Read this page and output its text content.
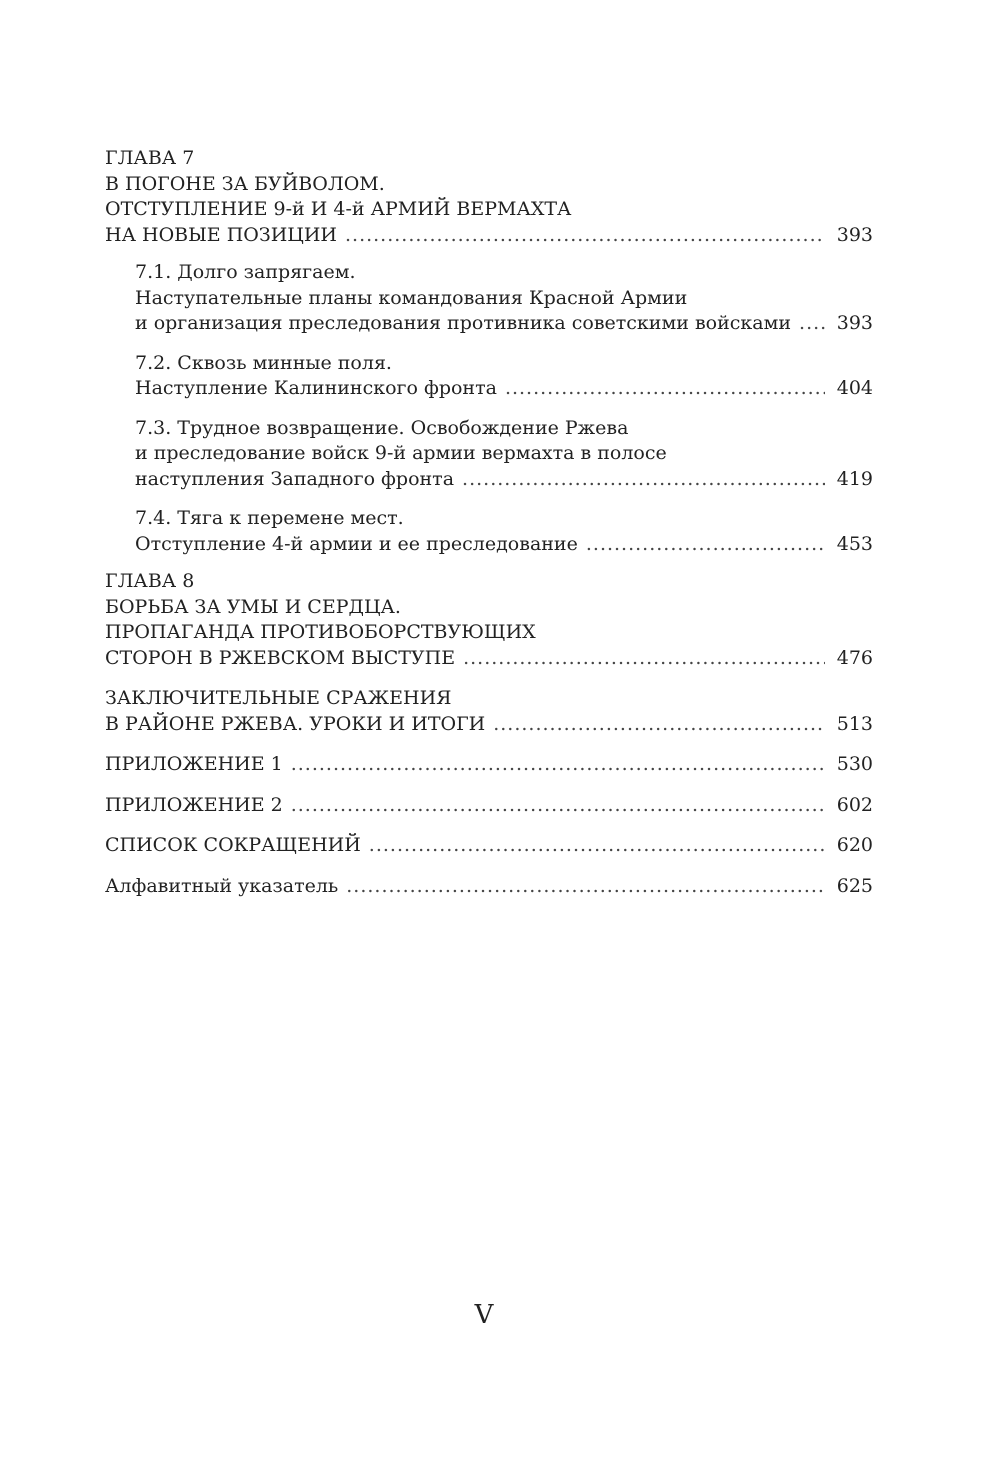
ГЛАВА 7
В ПОГОНЕ ЗА БУЙВОЛОМ.
ОТСТУПЛЕНИЕ 9-й И 4-й АРМИЙ ВЕРМАХТА
НА НОВЫЕ ПОЗИЦИИ .....	393
7.1. Долго запрягаем.
Наступательные планы командования Красной Армии
и организация преследования противника советскими войсками ..... 393
7.2. Сквозь минные поля.
Наступление Калининского фронта .....	404
7.3. Трудное возвращение. Освобождение Ржева
и преследование войск 9-й армии вермахта в полосе
наступления Западного фронта .....	419
7.4. Тяга к перемене мест.
Отступление 4-й армии и ее преследование .....	453
ГЛАВА 8
БОРЬБА ЗА УМЫ И СЕРДЦА.
ПРОПАГАНДА ПРОТИВОБОРСТВУЮЩИХ
СТОРОН В РЖЕВСКОМ ВЫСТУПЕ .....	476
ЗАКЛЮЧИТЕЛЬНЫЕ СРАЖЕНИЯ
В РАЙОНЕ РЖЕВА. УРОКИ И ИТОГИ .....	513
ПРИЛОЖЕНИЕ 1 .....	530
ПРИЛОЖЕНИЕ 2 .....	602
СПИСОК СОКРАЩЕНИЙ .....	620
Алфавитный указатель .....	625
V
